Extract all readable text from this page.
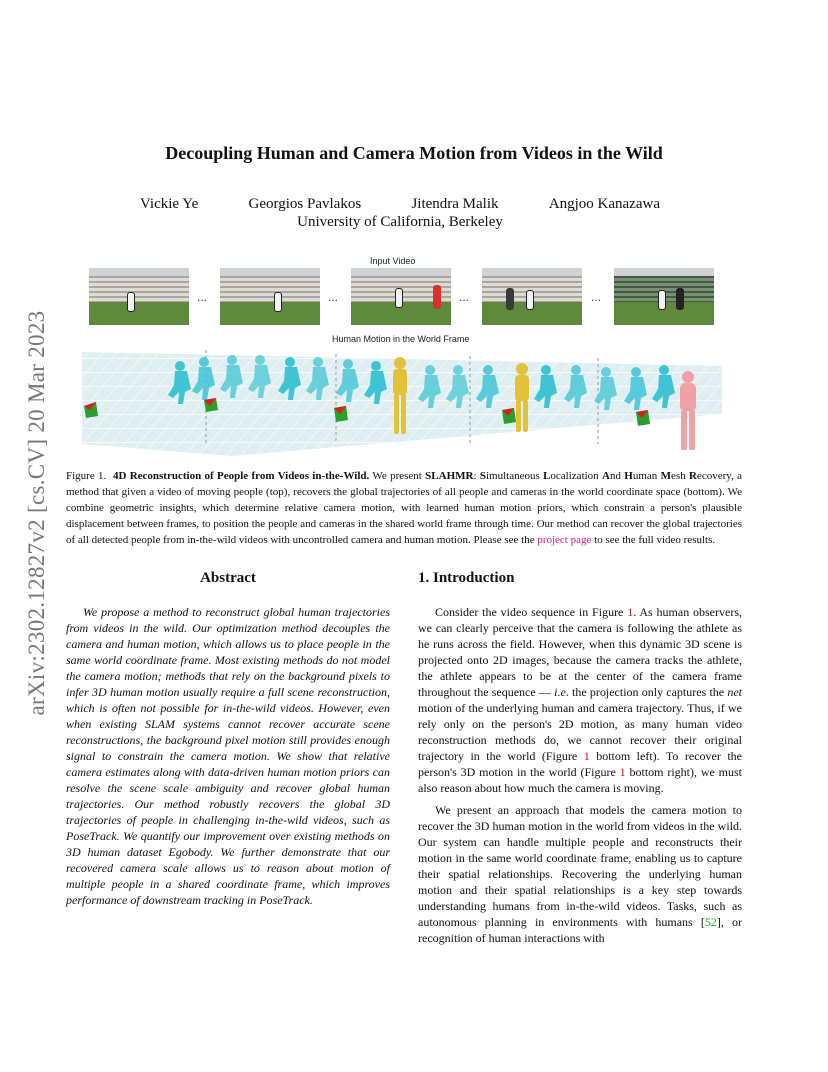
arXiv:2302.12827v2 [cs.CV] 20 Mar 2023
Decoupling Human and Camera Motion from Videos in the Wild
Vickie Ye	Georgios Pavlakos	Jitendra Malik	Angjoo Kanazawa
University of California, Berkeley
Input Video
...	...	...	...
Human Motion in the World Frame
Figure 1. 4D Reconstruction of People from Videos in-the-Wild. We present SLAHMR: Simultaneous Localization And Human Mesh Recovery, a method that given a video of moving people (top), recovers the global trajectories of all people and cameras in the world coordinate space (bottom). We combine geometric insights, which determine relative camera motion, with learned human motion priors, which constrain a person's plausible displacement between frames, to position the people and cameras in the shared world frame through time. Our method can recover the global trajectories of all detected people from in-the-wild videos with uncontrolled camera and human motion. Please see the project page to see the full video results.
Abstract

We propose a method to reconstruct global human trajectories from videos in the wild. Our optimization method decouples the camera and human motion, which allows us to place people in the same world coordinate frame. Most existing methods do not model the camera motion; methods that rely on the background pixels to infer 3D human motion usually require a full scene reconstruction, which is often not possible for in-the-wild videos. However, even when existing SLAM systems cannot recover accurate scene reconstructions, the background pixel motion still provides enough signal to constrain the camera motion. We show that relative camera estimates along with data-driven human motion priors can resolve the scene scale ambiguity and recover global human trajectories. Our method robustly recovers the global 3D trajectories of people in challenging in-the-wild videos, such as PoseTrack. We quantify our improvement over existing methods on 3D human dataset Egobody. We further demonstrate that our recovered camera scale allows us to reason about motion of multiple people in a shared coordinate frame, which improves performance of downstream tracking in PoseTrack.

1. Introduction

Consider the video sequence in Figure 1. As human observers, we can clearly perceive that the camera is following the athlete as he runs across the field. However, when this dynamic 3D scene is projected onto 2D images, because the camera tracks the athlete, the athlete appears to be at the center of the camera frame throughout the sequence — i.e. the projection only captures the net motion of the underlying human and camera trajectory. Thus, if we rely only on the person's 2D motion, as many human video reconstruction methods do, we cannot recover their original trajectory in the world (Figure 1 bottom left). To recover the person's 3D motion in the world (Figure 1 bottom right), we must also reason about how much the camera is moving.

We present an approach that models the camera motion to recover the 3D human motion in the world from videos in the wild. Our system can handle multiple people and reconstructs their motion in the same world coordinate frame, enabling us to capture their spatial relationships. Recovering the underlying human motion and their spatial relationships is a key step towards understanding humans from in-the-wild videos. Tasks, such as autonomous planning in environments with humans [52], or recognition of human interactions with
